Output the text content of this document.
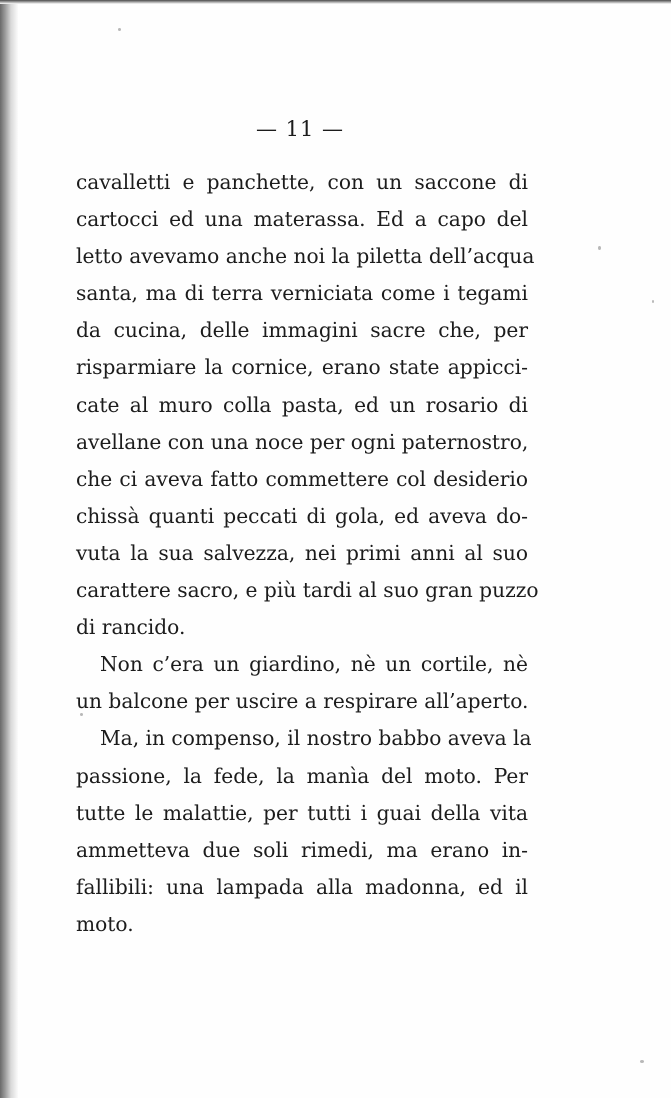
— 11 —
cavalletti e panchette, con un saccone di
cartocci ed una materassa. Ed a capo del
letto avevamo anche noi la piletta dell’acqua
santa, ma di terra verniciata come i tegami
da cucina, delle immagini sacre che, per
risparmiare la cornice, erano state appicci-
cate al muro colla pasta, ed un rosario di
avellane con una noce per ogni paternostro,
che ci aveva fatto commettere col desiderio
chissà quanti peccati di gola, ed aveva do-
vuta la sua salvezza, nei primi anni al suo
carattere sacro, e più tardi al suo gran puzzo
di rancido.
Non c’era un giardino, nè un cortile, nè
un balcone per uscire a respirare all’aperto.
Ma, in compenso, il nostro babbo aveva la
passione, la fede, la manìa del moto. Per
tutte le malattie, per tutti i guai della vita
ammetteva due soli rimedi, ma erano in-
fallibili: una lampada alla madonna, ed il
moto.
